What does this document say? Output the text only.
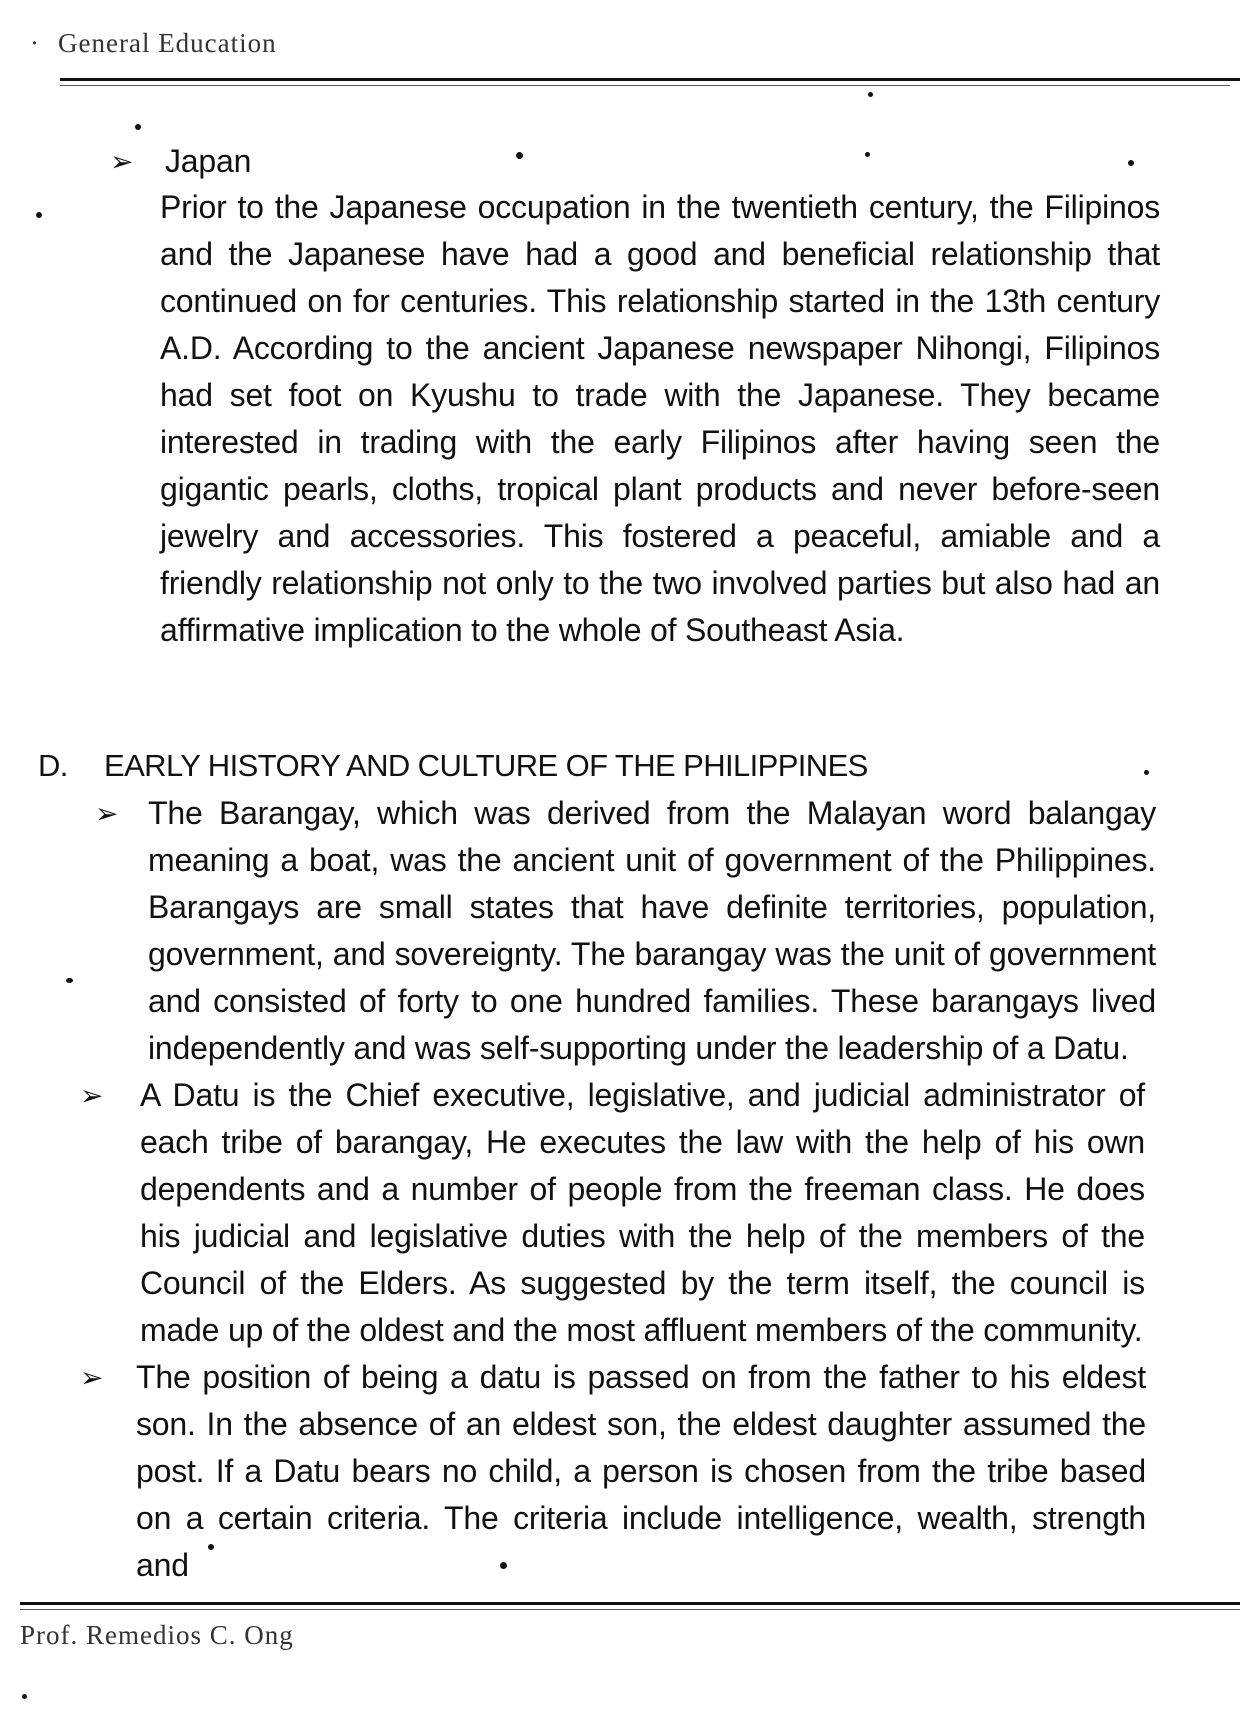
· General Education
➢ Japan
Prior to the Japanese occupation in the twentieth century, the Filipinos and the Japanese have had a good and beneficial relationship that continued on for centuries. This relationship started in the 13th century A.D. According to the ancient Japanese newspaper Nihongi, Filipinos had set foot on Kyushu to trade with the Japanese. They became interested in trading with the early Filipinos after having seen the gigantic pearls, cloths, tropical plant products and never before-seen jewelry and accessories. This fostered a peaceful, amiable and a friendly relationship not only to the two involved parties but also had an affirmative implication to the whole of Southeast Asia.
D. EARLY HISTORY AND CULTURE OF THE PHILIPPINES
➢ The Barangay, which was derived from the Malayan word balangay meaning a boat, was the ancient unit of government of the Philippines. Barangays are small states that have definite territories, population, government, and sovereignty. The barangay was the unit of government and consisted of forty to one hundred families. These barangays lived independently and was self-supporting under the leadership of a Datu.
➢ A Datu is the Chief executive, legislative, and judicial administrator of each tribe of barangay, He executes the law with the help of his own dependents and a number of people from the freeman class. He does his judicial and legislative duties with the help of the members of the Council of the Elders. As suggested by the term itself, the council is made up of the oldest and the most affluent members of the community.
➢ The position of being a datu is passed on from the father to his eldest son. In the absence of an eldest son, the eldest daughter assumed the post. If a Datu bears no child, a person is chosen from the tribe based on a certain criteria. The criteria include intelligence, wealth, strength and
Prof. Remedios C. Ong
